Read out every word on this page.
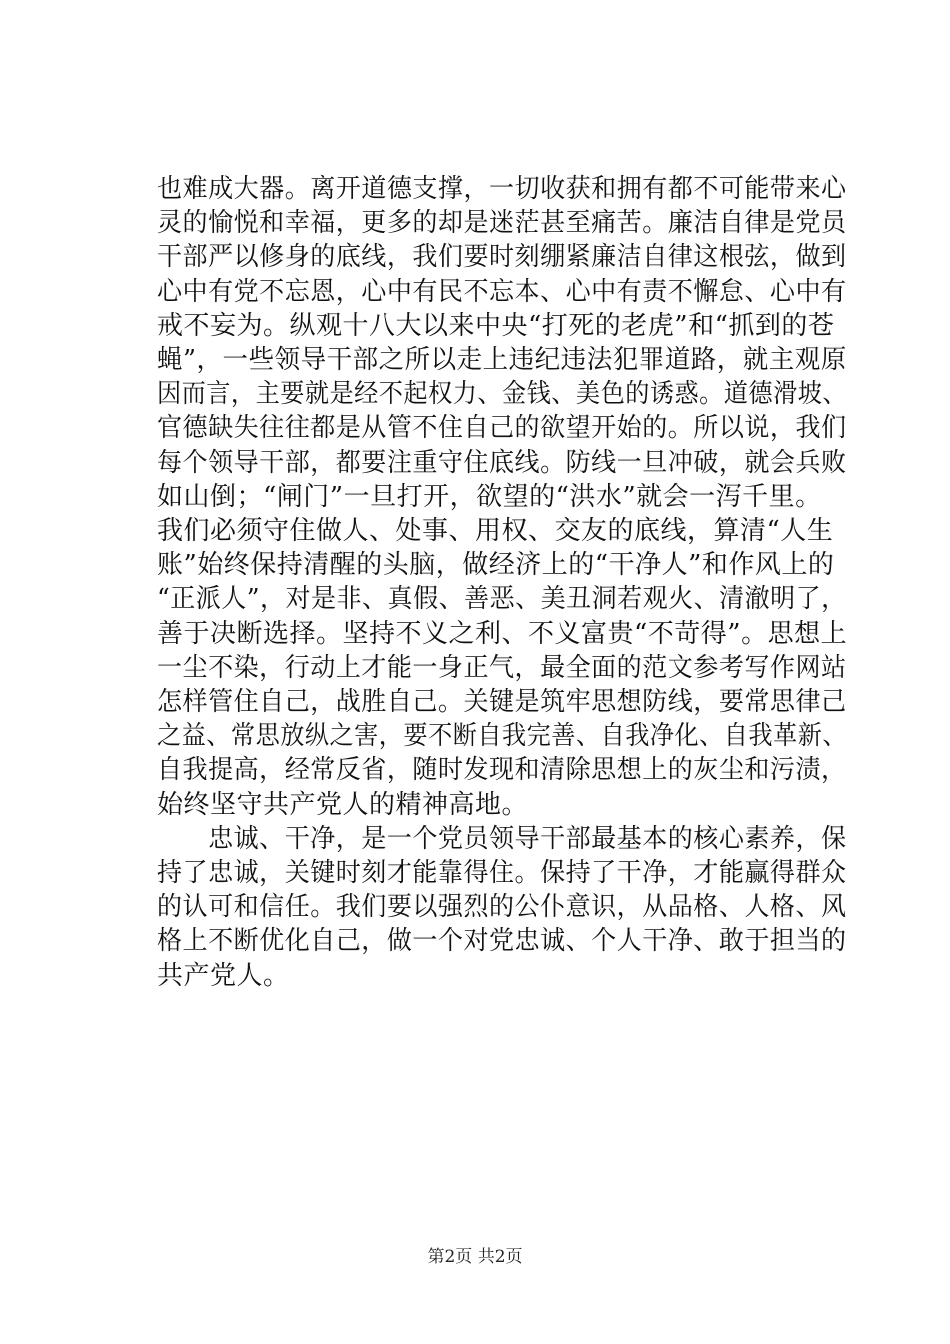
也难成大器。离开道德支撑，一切收获和拥有都不可能带来心 灵的愉悦和幸福，更多的却是迷茫甚至痛苦。廉洁自律是党员 干部严以修身的底线，我们要时刻绷紧廉洁自律这根弦，做到 心中有党不忘恩，心中有民不忘本、心中有责不懈怠、心中有
戒不妄为。纵观十八大以来中央“打死的老虎”和“抓到的苍
蝇”，一些领导干部之所以走上违纪违法犯罪道路，就主观原 因而言，主要就是经不起权力、金钱、美色的诱惑。道德滑坡、 官德缺失往往都是从管不住自己的欲望开始的。所以说，我们 每个领导干部，都要注重守住底线。防线一旦冲破，就会兵败
如山倒；“闸门”一旦打开，欲望的“洪水”就会一泻千里。
我们必须守住做人、处事、用权、交友的底线，算清“人生
账”始终保持清醒的头脑，做经济上的“干净人”和作风上的
“正派人”，对是非、真假、善恶、美丑洞若观火、清澈明了，
善于决断选择。坚持不义之利、不义富贵“不苛得”。思想上
一尘不染，行动上才能一身正气，最全面的范文参考写作网站 怎样管住自己，战胜自己。关键是筑牢思想防线，要常思律己 之益、常思放纵之害，要不断自我完善、自我净化、自我革新、 自我提高，经常反省，随时发现和清除思想上的灰尘和污渍，
始终坚守共产党人的精神高地。
　　忠诚、干净，是一个党员领导干部最基本的核心素养，保 持了忠诚，关键时刻才能靠得住。保持了干净，才能赢得群众 的认可和信任。我们要以强烈的公仆意识，从品格、人格、风 格上不断优化自己，做一个对党忠诚、个人干净、敢于担当的
共产党人。
第2页 共2页
